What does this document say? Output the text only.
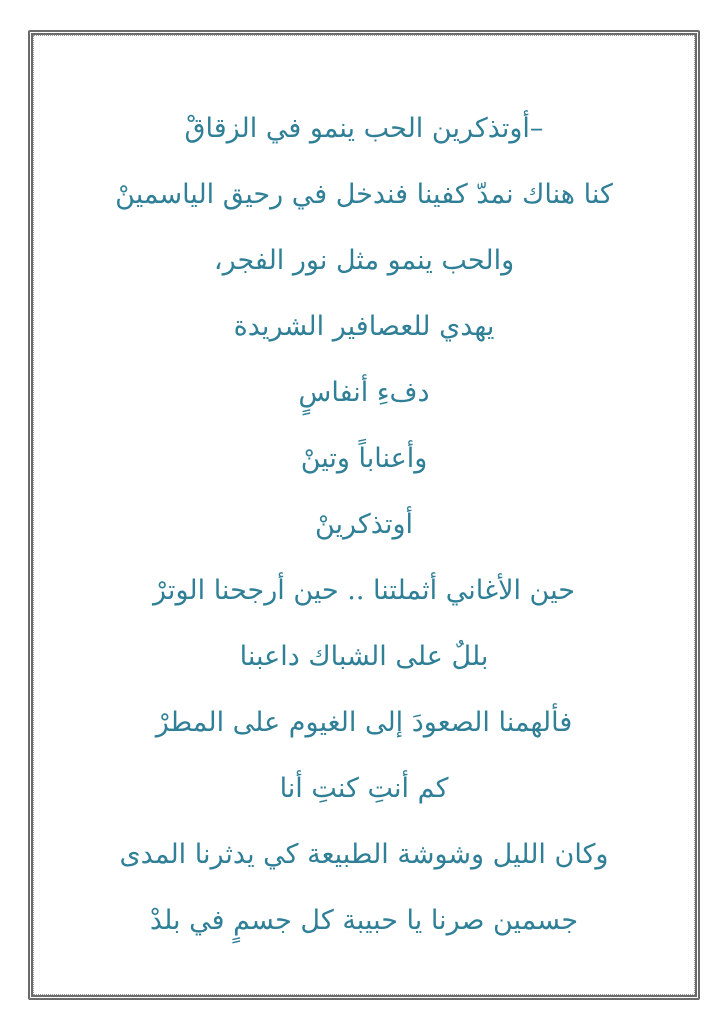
–أوتذكرين الحب ينمو في الزقاقْ
كنا هناك نمدّ كفينا فندخل في رحيق الياسمينْ
والحب ينمو مثل نور الفجر،
يهدي للعصافير الشريدة
دفءِ أنفاسٍ
وأعناباً وتينْ
أوتذكرينْ
حين الأغاني أثملتنا .. حين أرجحنا الوترْ
بللٌ على الشباك داعبنا
فألهمنا الصعودَ إلى الغيوم على المطرْ
كم أنتِ كنتِ أنا
وكان الليل وشوشة الطبيعة كي يدثرنا المدى
جسمين صرنا يا حبيبة كل جسمٍ في بلدْ
